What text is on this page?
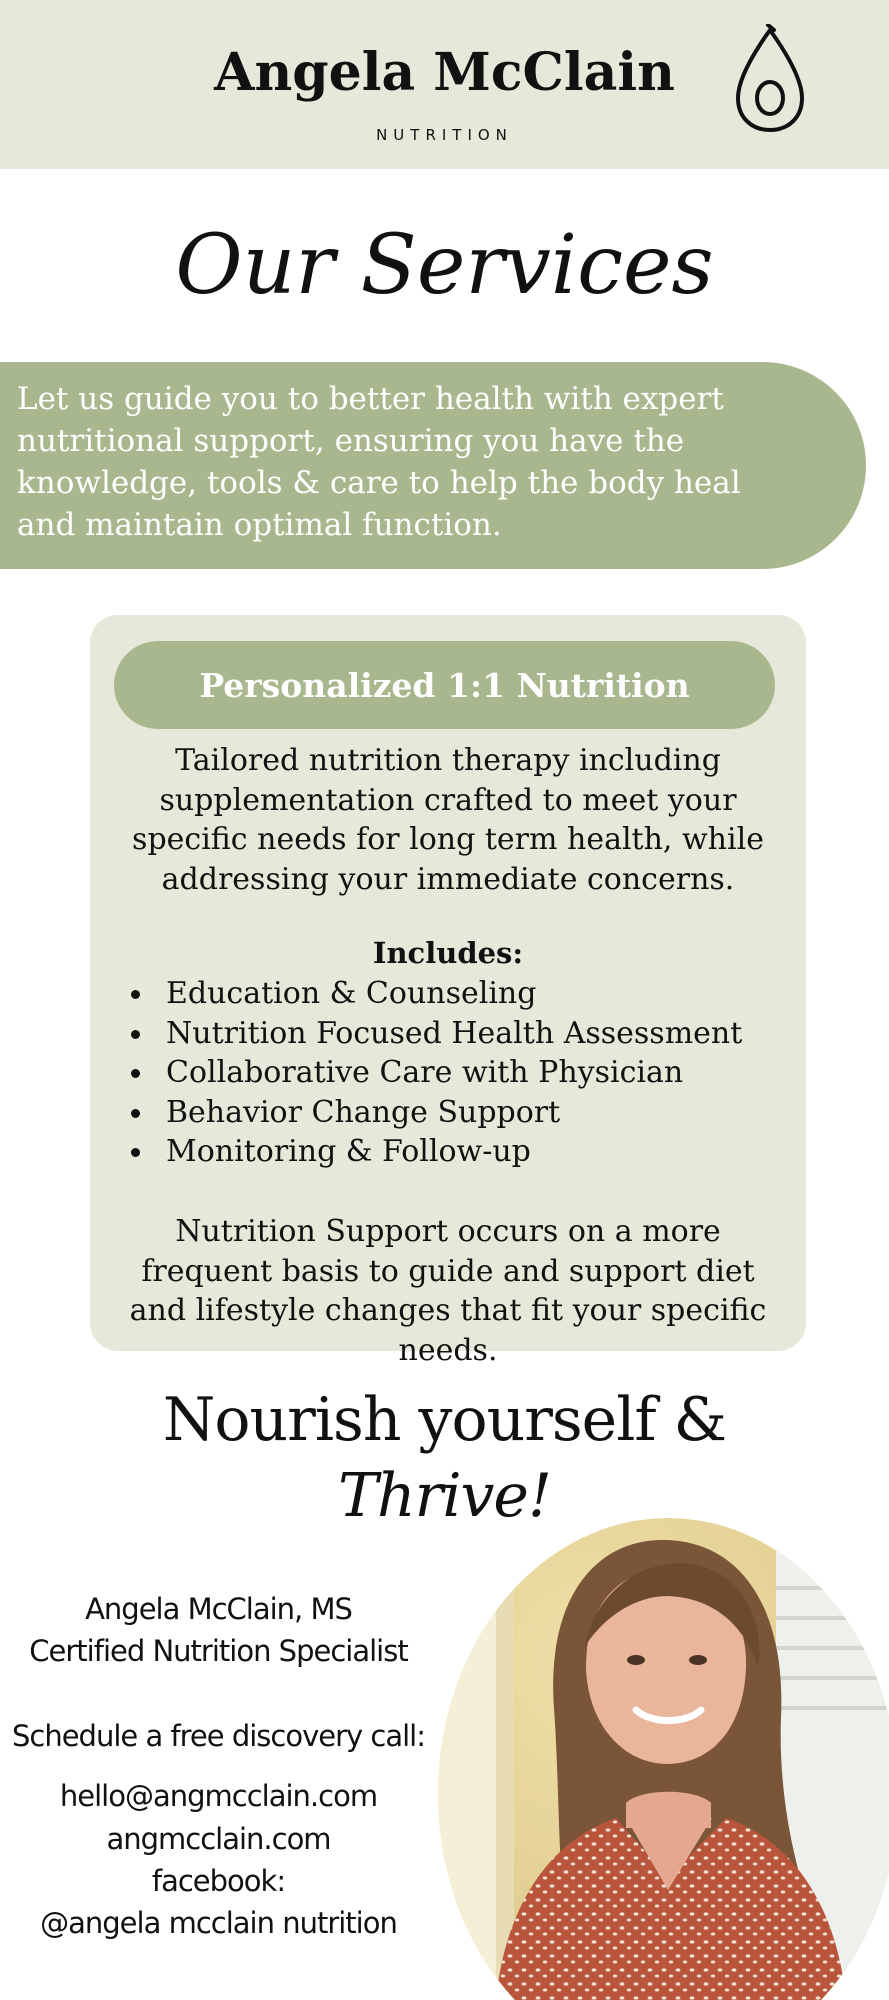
Angela McClain
NUTRITION
Our Services
Let us guide you to better health with expert nutritional support, ensuring you have the knowledge, tools & care to help the body heal and maintain optimal function.
Personalized 1:1 Nutrition
Tailored nutrition therapy including supplementation crafted to meet your specific needs for long term health, while addressing your immediate concerns.
Includes:
Education & Counseling
Nutrition Focused Health Assessment
Collaborative Care with Physician
Behavior Change Support
Monitoring & Follow-up
Nutrition Support occurs on a more frequent basis to guide and support diet and lifestyle changes that fit your specific needs.
Nourish yourself &
Thrive!
Angela McClain, MS
Certified Nutrition Specialist
Schedule a free discovery call:
hello@angmcclain.com
angmcclain.com
facebook:
@angela mcclain nutrition
